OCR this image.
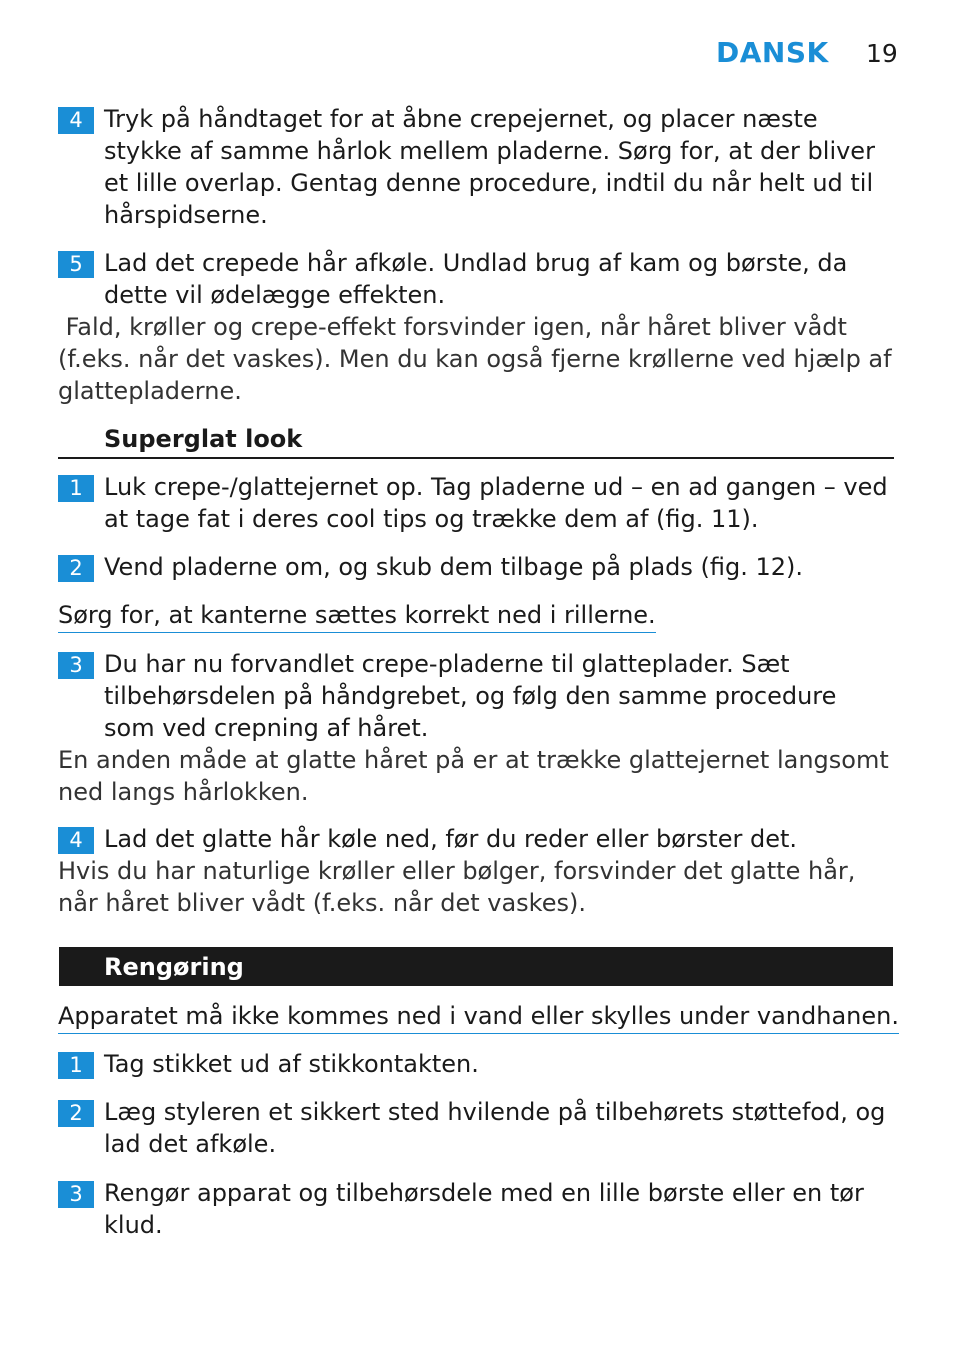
DANSK 19
4 Tryk på håndtaget for at åbne crepejernet, og placer næste stykke af samme hårlok mellem pladerne. Sørg for, at der bliver et lille overlap. Gentag denne procedure, indtil du når helt ud til hårspidserne.
5 Lad det crepede hår afkøle. Undlad brug af kam og børste, da dette vil ødelægge effekten.
Fald, krøller og crepe-effekt forsvinder igen, når håret bliver vådt (f.eks. når det vaskes). Men du kan også fjerne krøllerne ved hjælp af glattepladerne.
Superglat look
1 Luk crepe-/glattejernet op. Tag pladerne ud – en ad gangen – ved at tage fat i deres cool tips og trække dem af (fig. 11).
2 Vend pladerne om, og skub dem tilbage på plads (fig. 12).
Sørg for, at kanterne sættes korrekt ned i rillerne.
3 Du har nu forvandlet crepe-pladerne til glatteplader. Sæt tilbehørsdelen på håndgrebet, og følg den samme procedure som ved crepning af håret.
En anden måde at glatte håret på er at trække glattejernet langsomt ned langs hårlokken.
4 Lad det glatte hår køle ned, før du reder eller børster det.
Hvis du har naturlige krøller eller bølger, forsvinder det glatte hår, når håret bliver vådt (f.eks. når det vaskes).
Rengøring
Apparatet må ikke kommes ned i vand eller skylles under vandhanen.
1 Tag stikket ud af stikkontakten.
2 Læg styleren et sikkert sted hvilende på tilbehørets støttefod, og lad det afkøle.
3 Rengør apparat og tilbehørsdele med en lille børste eller en tør klud.
